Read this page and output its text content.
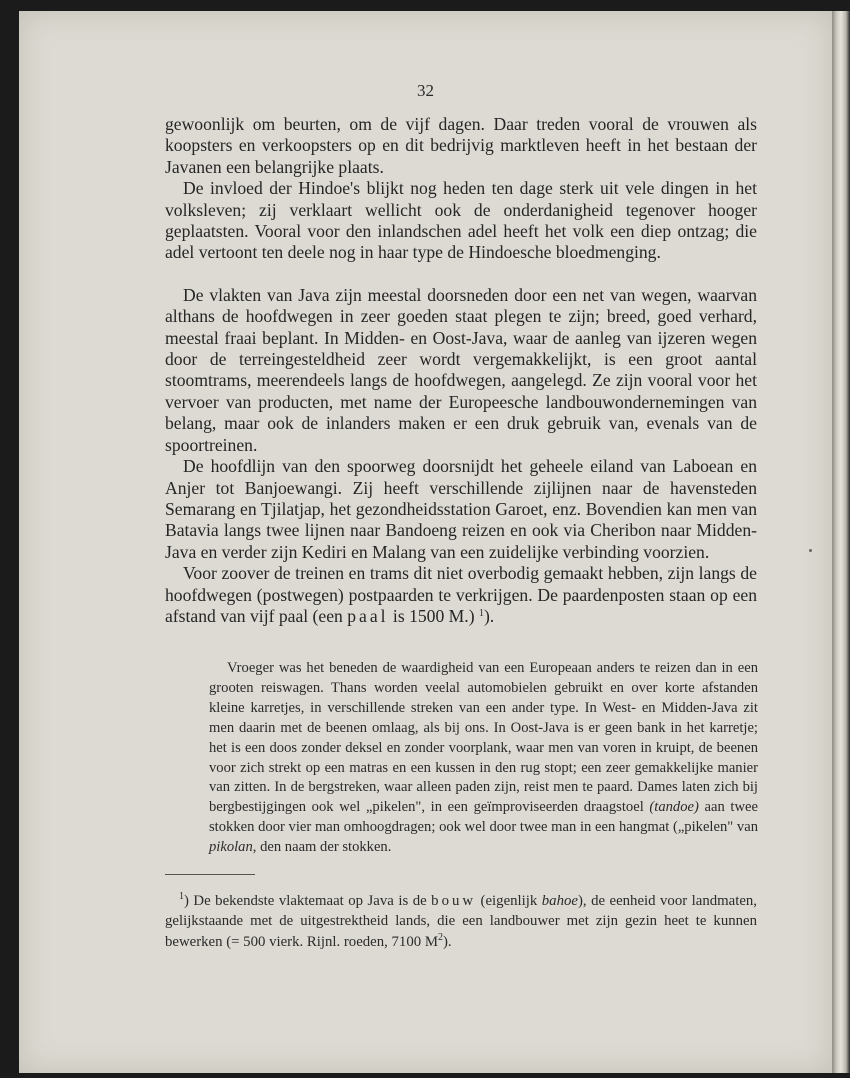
32

gewoonlijk om beurten, om de vijf dagen. Daar treden vooral de vrouwen als koopsters en verkoopsters op en dit bedrijvig marktleven heeft in het bestaan der Javanen een belangrijke plaats.

De invloed der Hindoe's blijkt nog heden ten dage sterk uit vele dingen in het volksleven; zij verklaart wellicht ook de onderdanigheid tegenover hooger geplaatsten. Vooral voor den inlandschen adel heeft het volk een diep ontzag; die adel vertoont ten deele nog in haar type de Hindoesche bloedmenging.

De vlakten van Java zijn meestal doorsneden door een net van wegen, waarvan althans de hoofdwegen in zeer goeden staat plegen te zijn; breed, goed verhard, meestal fraai beplant. In Midden- en Oost-Java, waar de aanleg van ijzeren wegen door de terreingesteldheid zeer wordt vergemakkelijkt, is een groot aantal stoomtrams, meerendeels langs de hoofdwegen, aangelegd. Ze zijn vooral voor het vervoer van producten, met name der Europeesche landbouwondernemingen van belang, maar ook de inlanders maken er een druk gebruik van, evenals van de spoortreinen.

De hoofdlijn van den spoorweg doorsnijdt het geheele eiland van Laboean en Anjer tot Banjoewangi. Zij heeft verschillende zijlijnen naar de havensteden Semarang en Tjilatjap, het gezondheidsstation Garoet, enz. Bovendien kan men van Batavia langs twee lijnen naar Bandoeng reizen en ook via Cheribon naar Midden-Java en verder zijn Kediri en Malang van een zuidelijke verbinding voorzien.

Voor zoover de treinen en trams dit niet overbodig gemaakt hebben, zijn langs de hoofdwegen (postwegen) postpaarden te verkrijgen. De paardenposten staan op een afstand van vijf paal (een paal is 1500 M.) $^1$).

Vroeger was het beneden de waardigheid van een Europeaan anders te reizen dan in een grooten reiswagen. Thans worden veelal automobielen gebruikt en over korte afstanden kleine karretjes, in verschillende streken van een ander type. In West- en Midden-Java zit men daarin met de beenen omlaag, als bij ons. In Oost-Java is er geen bank in het karretje; het is een doos zonder deksel en zonder voorplank, waar men van voren in kruipt, de beenen voor zich strekt op een matras en een kussen in den rug stopt; een zeer gemakkelijke manier van zitten. In de bergstreken, waar alleen paden zijn, reist men te paard. Dames laten zich bij bergbestijgingen ook wel „pikelen", in een geïmproviseerden draagstoel (tandoe) aan twee stokken door vier man omhoogdragen; ook wel door twee man in een hangmat („pikelen" van pikolan, den naam der stokken.

$^1$) De bekendste vlaktemaat op Java is de bouw (eigenlijk bahoe), de eenheid voor landmaten, gelijkstaande met de uitgestrektheid lands, die een landbouwer met zijn gezin heet te kunnen bewerken (= 500 vierk. Rijnl. roeden, 7100 $M^2$).
